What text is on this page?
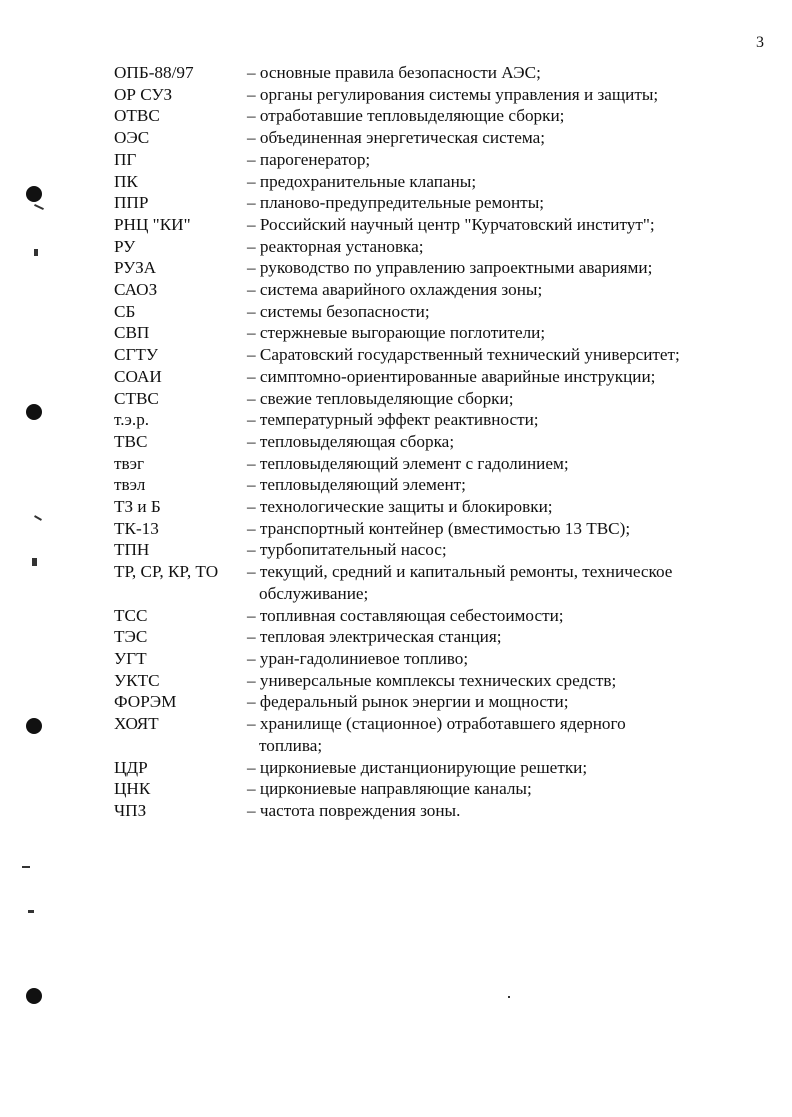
3
ОПБ-88/97	– основные правила безопасности АЭС;
ОР СУЗ	– органы регулирования системы управления и защиты;
ОТВС	– отработавшие тепловыделяющие сборки;
ОЭС	– объединенная энергетическая система;
ПГ	– парогенератор;
ПК	– предохранительные клапаны;
ППР	– планово-предупредительные ремонты;
РНЦ "КИ"	– Российский научный центр "Курчатовский институт";
РУ	– реакторная установка;
РУЗА	– руководство по управлению запроектными авариями;
САОЗ	– система аварийного охлаждения зоны;
СБ	– системы безопасности;
СВП	– стержневые выгорающие поглотители;
СГТУ	– Саратовский государственный технический университет;
СОАИ	– симптомно-ориентированные аварийные инструкции;
СТВС	– свежие тепловыделяющие сборки;
т.э.р.	– температурный эффект реактивности;
ТВС	– тепловыделяющая сборка;
твэг	– тепловыделяющий элемент с гадолинием;
твэл	– тепловыделяющий элемент;
ТЗ и Б	– технологические защиты и блокировки;
ТК-13	– транспортный контейнер (вместимостью 13 ТВС);
ТПН	– турбопитательный насос;
ТР, СР, КР, ТО	– текущий, средний и капитальный ремонты, техническое
обслуживание;
ТСС	– топливная составляющая себестоимости;
ТЭС	– тепловая электрическая станция;
УГТ	– уран-гадолиниевое топливо;
УКТС	– универсальные комплексы технических средств;
ФОРЭМ	– федеральный рынок энергии и мощности;
ХОЯТ	– хранилище (стационное) отработавшего ядерного
топлива;
ЦДР	– циркониевые дистанционирующие решетки;
ЦНК	– циркониевые направляющие каналы;
ЧПЗ	– частота повреждения зоны.
